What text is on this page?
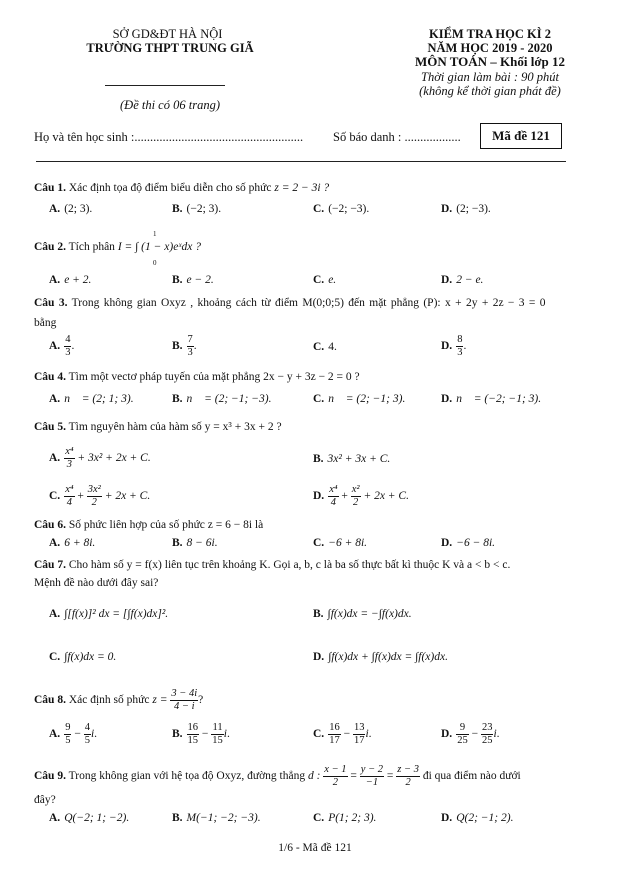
SỞ GD&ĐT HÀ NỘI
TRƯỜNG THPT TRUNG GIÃ
(Đề thi có 06 trang)
KIỂM TRA HỌC KÌ 2
NĂM HỌC 2019 - 2020
MÔN TOÁN – Khối lớp 12
Thời gian làm bài : 90 phút
(không kể thời gian phát đề)
Họ và tên học sinh :...................................................... Số báo danh : ..................	Mã đề 121
Câu 1. Xác định tọa độ điểm biểu diễn cho số phức z = 2 − 3i ?
A. (2; 3).	B. (−2; 3).	C. (−2; −3).	D. (2; −3).
Câu 2. Tích phân I = ∫ (1 − x)eˣdx ?
1
0
A. e + 2.	B. e − 2.	C. e.	D. 2 − e.
Câu 3. Trong không gian Oxyz , khoảng cách từ điểm M(0;0;5) đến mặt phẳng (P): x + 2y + 2z − 3 = 0
bằng
A. $\frac{4}{3}$ .	B. $\frac{7}{3}$ .	C. 4.	D. $\frac{8}{3}$ .
Câu 4. Tìm một vectơ pháp tuyến của mặt phẳng 2x − y + 3z − 2 = 0 ?
A. n⃗ = (2; 1; 3).	B. n⃗ = (2; −1; −3).	C. n⃗ = (2; −1; 3).	D. n⃗ = (−2; −1; 3).
Câu 5. Tìm nguyên hàm của hàm số y = x³ + 3x + 2 ?
A. $\frac{\text{x⁴}}{3} + 3x^2 + 2x + C$.	B. 3x² + 3x + C.
C. $\frac{\text{x⁴}}{4} + \frac{\text{3x²}}{2} + 2x + C$.	D. $\frac{\text{x⁴}}{4} + \frac{\text{x²}}{2} + 2x + C$.
Câu 6. Số phức liên hợp của số phức z = 6 − 8i là
A. 6 + 8i.	B. 8 − 6i.	C. −6 + 8i.	D. −6 − 8i.
Câu 7. Cho hàm số y = f(x) liên tục trên khoảng K. Gọi a, b, c là ba số thực bất kì thuộc K và a < b < c.
Mệnh đề nào dưới đây sai?
A. ∫[f(x)]² dx = [∫f(x)dx]².	B. ∫f(x)dx = −∫f(x)dx.
C. ∫f(x)dx = 0.	D. ∫f(x)dx + ∫f(x)dx = ∫f(x)dx.
Câu 8. Xác định số phức $z = \frac{3 - 4i}{4 - i}$ ?
A. $\frac{9}{5} - \frac{4}{5} i$.	B. $\frac{16}{15} - \frac{11}{15} i$.	C. $\frac{16}{17} - \frac{13}{17} i$.	D. $\frac{9}{25} - \frac{23}{25} i$.
Câu 9. Trong không gian với hệ tọa độ Oxyz, đường thẳng d : $\frac{x - 1}{2} = \frac{y - 2}{-1} = \frac{z - 3}{2}$ đi qua điểm nào dưới
đây?
A. Q(−2; 1; −2).	B. M(−1; −2; −3).	C. P(1; 2; 3).	D. Q(2; −1; 2).
1/6 - Mã đề 121
